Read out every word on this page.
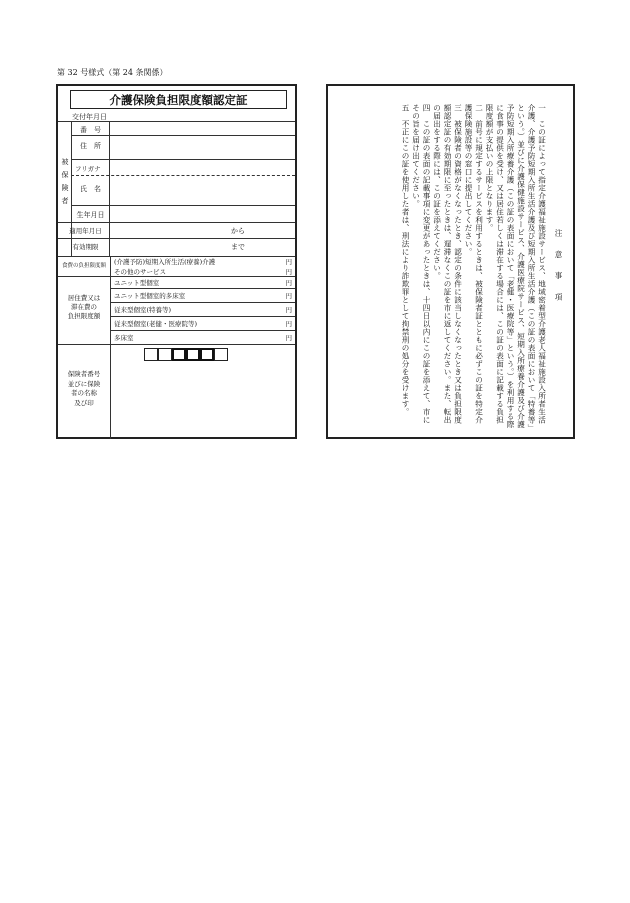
第 32 号様式（第 24 条関係）
介護保険負担限度額認定証
交付年月日
被保険者
番　号
住　所
フリガナ
氏　名
生年月日
適用年月日	から
有効期限	まで
食費の負担限度額	(介護予防)短期入所生活(療養)介護	円
その他のサービス	円
居住費又は
滞在費の
負担限度額
ユニット型個室	円
ユニット型個室的多床室	円
従来型個室(特養等)	円
従来型個室(老健・医療院等)	円
多床室	円
保険者番号
並びに保険
者の名称
及び印
注　意　事　項
一　この証によって指定介護福祉施設サービス、地域密着型介護老人福祉施設入所者生活介護、介護予防短期入所生活介護及び短期入所生活介護（この証の表面において「特養等」という。）並びに介護保健施設サービス、介護医療院サービス、短期入所療養介護及び介護予防短期入所療養介護（この証の表面において「老健・医療院等」という。）を利用する際に食事の提供を受け、又は居住若しくは滞在する場合には、この証の表面に記載する負担限度額が支払いの上限となります。
二　前号に規定するサービスを利用するときは、被保険者証とともに必ずこの証を特定介護保険施設等の窓口に提出してください。
三　被保険者の資格がなくなったとき、認定の条件に該当しなくなったとき又は負担限度額認定証の有効期限に至ったときは、遅滞なくこの証を市に返してください。また、転出の届出をする際には、この証を添えてください。
四　この証の表面の記載事項に変更があったときは、十四日以内にこの証を添えて、市にその旨を届け出てください。
五　不正にこの証を使用した者は、刑法により詐欺罪として拘禁刑の処分を受けます。
